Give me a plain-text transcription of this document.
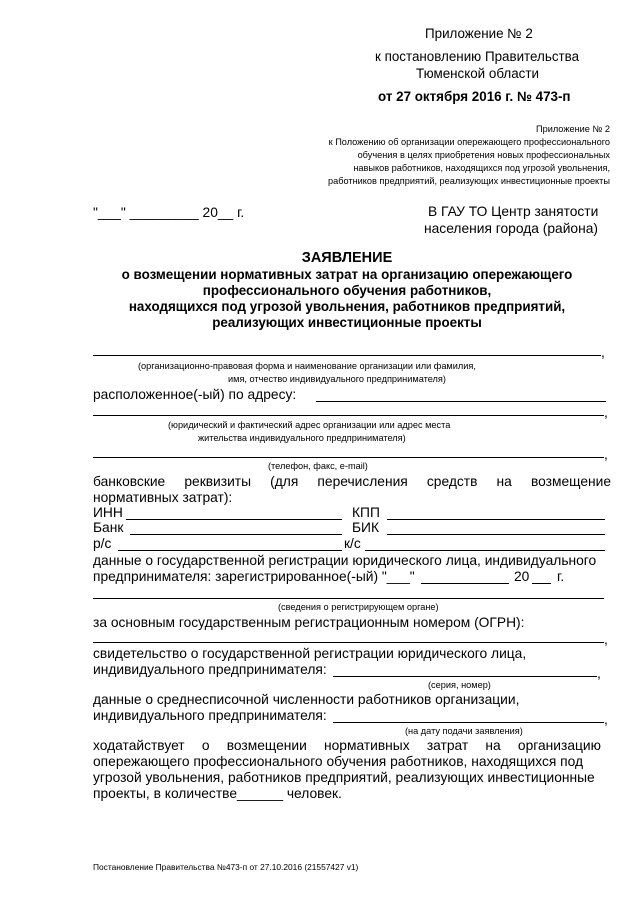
Приложение № 2
к постановлению Правительства
Тюменской области
от 27 октября 2016 г. № 473-п
Приложение № 2
к Положению об организации опережающего профессионального
обучения в целях приобретения новых профессиональных
навыков работников, находящихся под угрозой увольнения,
работников предприятий, реализующих инвестиционные проекты
"___" _________ 20__ г.	В ГАУ ТО Центр занятости
населения города (района)
ЗАЯВЛЕНИЕ
о возмещении нормативных затрат на организацию опережающего
профессионального обучения работников,
находящихся под угрозой увольнения, работников предприятий,
реализующих инвестиционные проекты
,
(организационно-правовая форма и наименование организации или фамилия,
имя, отчество индивидуального предпринимателя)
расположенное(-ый) по адресу:
,
(юридический и фактический адрес организации или адрес места
жительства индивидуального предпринимателя)
,
(телефон, факс, e-mail)
банковские реквизиты (для перечисления средств на возмещение
нормативных затрат):
ИНН	КПП
Банк	БИК
р/с	к/с
данные о государственной регистрации юридического лица, индивидуального
предпринимателя: зарегистрированное(-ый) "___"	20 г.
(сведения о регистрирующем органе)
за основным государственным регистрационным номером (ОГРН):
,
свидетельство о государственной регистрации юридического лица,
индивидуального предпринимателя:	,
(серия, номер)
данные о среднесписочной численности работников организации,
индивидуального предпринимателя:	,
(на дату подачи заявления)
ходатайствует о возмещении нормативных затрат на организацию
опережающего профессионального обучения работников, находящихся под
угрозой увольнения, работников предприятий, реализующих инвестиционные
проекты, в количестве______ человек.
Постановление Правительства №473-п от 27.10.2016 (21557427 v1)
